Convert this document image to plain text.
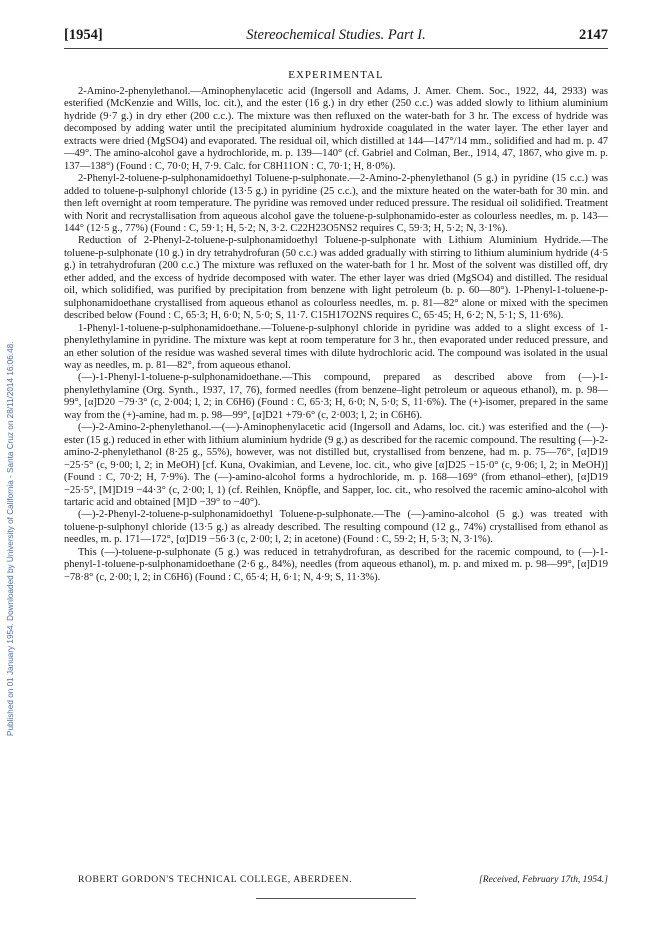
Published on 01 January 1954. Downloaded by University of California - Santa Cruz on 28/11/2014 16:06:48.
[1954]	Stereochemical Studies. Part I.	2147
EXPERIMENTAL

2-Amino-2-phenylethanol.—Aminophenylacetic acid (Ingersoll and Adams, J. Amer. Chem. Soc., 1922, 44, 2933) was esterified (McKenzie and Wills, loc. cit.), and the ester (16 g.) in dry ether (250 c.c.) was added slowly to lithium aluminium hydride (9·7 g.) in dry ether (200 c.c.). The mixture was then refluxed on the water-bath for 3 hr. The excess of hydride was decomposed by adding water until the precipitated aluminium hydroxide coagulated in the water layer. The ether layer and extracts were dried (MgSO4) and evaporated. The residual oil, which distilled at 144—147°/14 mm., solidified and had m. p. 47—49°. The amino-alcohol gave a hydrochloride, m. p. 139—140° (cf. Gabriel and Colman, Ber., 1914, 47, 1867, who give m. p. 137—138°) (Found : C, 70·0; H, 7·9. Calc. for C8H11ON : C, 70·1; H, 8·0%).

2-Phenyl-2-toluene-p-sulphonamidoethyl Toluene-p-sulphonate.—2-Amino-2-phenylethanol (5 g.) in pyridine (15 c.c.) was added to toluene-p-sulphonyl chloride (13·5 g.) in pyridine (25 c.c.), and the mixture heated on the water-bath for 30 min. and then left overnight at room temperature. The pyridine was removed under reduced pressure. The residual oil solidified. Treatment with Norit and recrystallisation from aqueous alcohol gave the toluene-p-sulphonamido-ester as colourless needles, m. p. 143—144° (12·5 g., 77%) (Found : C, 59·1; H, 5·2; N, 3·2. C22H23O5NS2 requires C, 59·3; H, 5·2; N, 3·1%).

Reduction of 2-Phenyl-2-toluene-p-sulphonamidoethyl Toluene-p-sulphonate with Lithium Aluminium Hydride.—The toluene-p-sulphonate (10 g.) in dry tetrahydrofuran (50 c.c.) was added gradually with stirring to lithium aluminium hydride (4·5 g.) in tetrahydrofuran (200 c.c.) The mixture was refluxed on the water-bath for 1 hr. Most of the solvent was distilled off, dry ether added, and the excess of hydride decomposed with water. The ether layer was dried (MgSO4) and distilled. The residual oil, which solidified, was purified by precipitation from benzene with light petroleum (b. p. 60—80°). 1-Phenyl-1-toluene-p-sulphonamidoethane crystallised from aqueous ethanol as colourless needles, m. p. 81—82° alone or mixed with the specimen described below (Found : C, 65·3; H, 6·0; N, 5·0; S, 11·7. C15H17O2NS requires C, 65·45; H, 6·2; N, 5·1; S, 11·6%).

1-Phenyl-1-toluene-p-sulphonamidoethane.—Toluene-p-sulphonyl chloride in pyridine was added to a slight excess of 1-phenylethylamine in pyridine. The mixture was kept at room temperature for 3 hr., then evaporated under reduced pressure, and an ether solution of the residue was washed several times with dilute hydrochloric acid. The compound was isolated in the usual way as needles, m. p. 81—82°, from aqueous ethanol.

(—)-1-Phenyl-1-toluene-p-sulphonamidoethane.—This compound, prepared as described above from (—)-1-phenylethylamine (Org. Synth., 1937, 17, 76), formed needles (from benzene–light petroleum or aqueous ethanol), m. p. 98—99°, [α]D20 −79·3° (c, 2·004; l, 2; in C6H6) (Found : C, 65·3; H, 6·0; N, 5·0; S, 11·6%). The (+)-isomer, prepared in the same way from the (+)-amine, had m. p. 98—99°, [α]D21 +79·6° (c, 2·003; l, 2; in C6H6).

(—)-2-Amino-2-phenylethanol.—(—)-Aminophenylacetic acid (Ingersoll and Adams, loc. cit.) was esterified and the (—)-ester (15 g.) reduced in ether with lithium aluminium hydride (9 g.) as described for the racemic compound. The resulting (—)-2-amino-2-phenylethanol (8·25 g., 55%), however, was not distilled but, crystallised from benzene, had m. p. 75—76°, [α]D19 −25·5° (c, 9·00; l, 2; in MeOH) [cf. Kuna, Ovakimian, and Levene, loc. cit., who give [α]D25 −15·0° (c, 9·06; l, 2; in MeOH)] (Found : C, 70·2; H, 7·9%). The (—)-amino-alcohol forms a hydrochloride, m. p. 168—169° (from ethanol–ether), [α]D19 −25·5°, [M]D19 −44·3° (c, 2·00; l, 1) (cf. Reihlen, Knöpfle, and Sapper, loc. cit., who resolved the racemic amino-alcohol with tartaric acid and obtained [M]D −39° to −40°).

(—)-2-Phenyl-2-toluene-p-sulphonamidoethyl Toluene-p-sulphonate.—The (—)-amino-alcohol (5 g.) was treated with toluene-p-sulphonyl chloride (13·5 g.) as already described. The resulting compound (12 g., 74%) crystallised from ethanol as needles, m. p. 171—172°, [α]D19 −56·3 (c, 2·00; l, 2; in acetone) (Found : C, 59·2; H, 5·3; N, 3·1%).

This (—)-toluene-p-sulphonate (5 g.) was reduced in tetrahydrofuran, as described for the racemic compound, to (—)-1-phenyl-1-toluene-p-sulphonamidoethane (2·6 g., 84%), needles (from aqueous ethanol), m. p. and mixed m. p. 98—99°, [α]D19 −78·8° (c, 2·00; l, 2; in C6H6) (Found : C, 65·4; H, 6·1; N, 4·9; S, 11·3%).

ROBERT GORDON'S TECHNICAL COLLEGE, ABERDEEN.	[Received, February 17th, 1954.]
